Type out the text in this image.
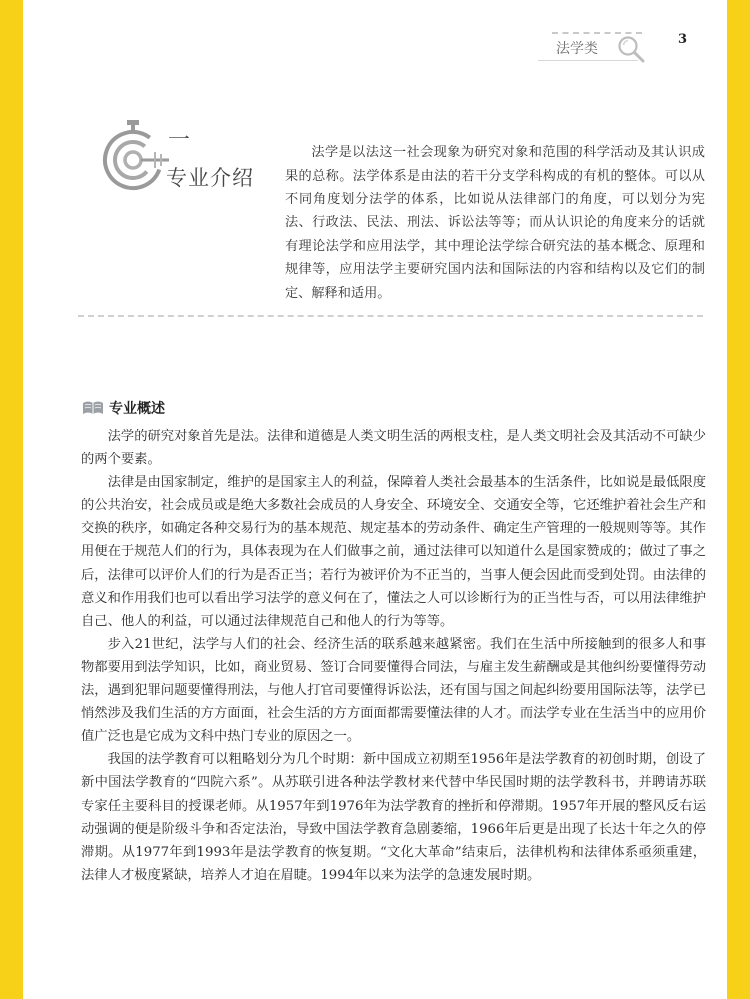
法学类
3
一
专业介绍

法学是以法这一社会现象为研究对象和范围的科学活动及其认识成果的总称。法学体系是由法的若干分支学科构成的有机的整体。可以从不同角度划分法学的体系，比如说从法律部门的角度，可以划分为宪法、行政法、民法、刑法、诉讼法等等；而从认识论的角度来分的话就有理论法学和应用法学，其中理论法学综合研究法的基本概念、原理和规律等，应用法学主要研究国内法和国际法的内容和结构以及它们的制定、解释和适用。

专业概述

法学的研究对象首先是法。法律和道德是人类文明生活的两根支柱，是人类文明社会及其活动不可缺少的两个要素。

法律是由国家制定，维护的是国家主人的利益，保障着人类社会最基本的生活条件，比如说是最低限度的公共治安，社会成员或是绝大多数社会成员的人身安全、环境安全、交通安全等，它还维护着社会生产和交换的秩序，如确定各种交易行为的基本规范、规定基本的劳动条件、确定生产管理的一般规则等等。其作用便在于规范人们的行为，具体表现为在人们做事之前，通过法律可以知道什么是国家赞成的；做过了事之后，法律可以评价人们的行为是否正当；若行为被评价为不正当的，当事人便会因此而受到处罚。由法律的意义和作用我们也可以看出学习法学的意义何在了，懂法之人可以诊断行为的正当性与否，可以用法律维护自己、他人的利益，可以通过法律规范自己和他人的行为等等。

步入21世纪，法学与人们的社会、经济生活的联系越来越紧密。我们在生活中所接触到的很多人和事物都要用到法学知识，比如，商业贸易、签订合同要懂得合同法，与雇主发生薪酬或是其他纠纷要懂得劳动法，遇到犯罪问题要懂得刑法，与他人打官司要懂得诉讼法，还有国与国之间起纠纷要用国际法等，法学已悄然涉及我们生活的方方面面，社会生活的方方面面都需要懂法律的人才。而法学专业在生活当中的应用价值广泛也是它成为文科中热门专业的原因之一。

我国的法学教育可以粗略划分为几个时期：新中国成立初期至1956年是法学教育的初创时期，创设了新中国法学教育的“四院六系”。从苏联引进各种法学教材来代替中华民国时期的法学教科书，并聘请苏联专家任主要科目的授课老师。从1957年到1976年为法学教育的挫折和停滞期。1957年开展的整风反右运动强调的便是阶级斗争和否定法治，导致中国法学教育急剧萎缩，1966年后更是出现了长达十年之久的停滞期。从1977年到1993年是法学教育的恢复期。“文化大革命”结束后，法律机构和法律体系亟须重建，法律人才极度紧缺，培养人才迫在眉睫。1994年以来为法学的急速发展时期。
